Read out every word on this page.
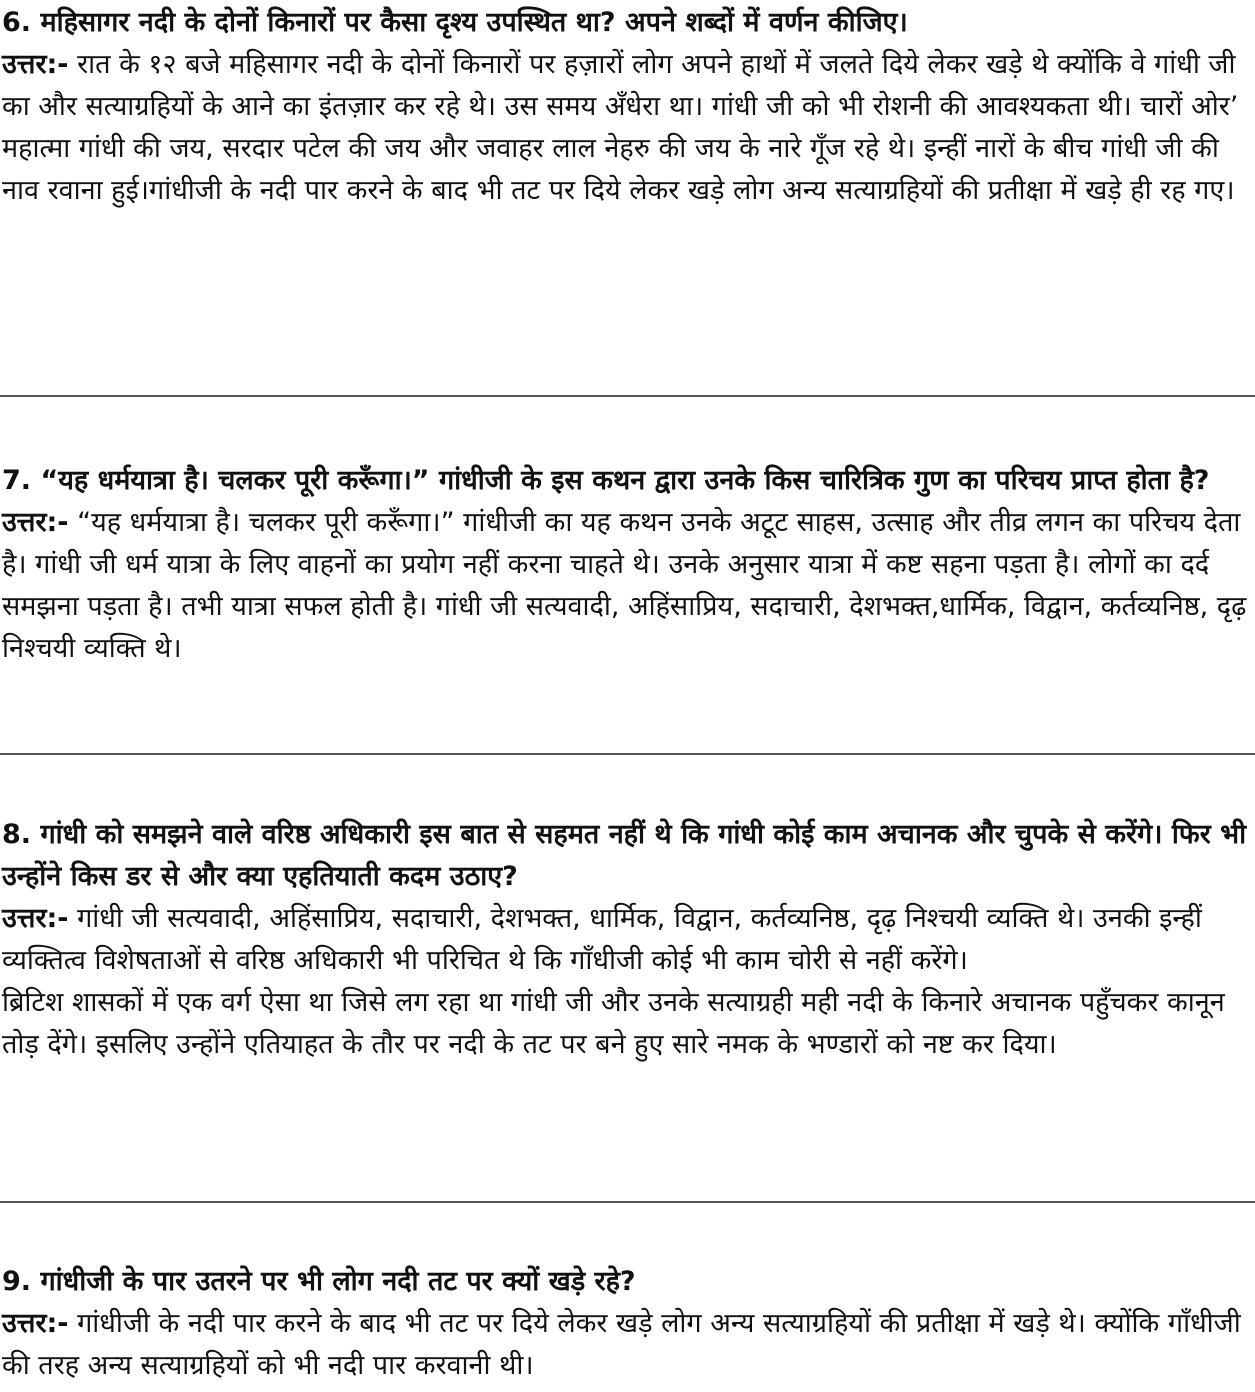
6. महिसागर नदी के दोनों किनारों पर कैसा दृश्य उपस्थित था? अपने शब्दों में वर्णन कीजिए।

उत्तर:- रात के १२ बजे महिसागर नदी के दोनों किनारों पर हज़ारों लोग अपने हाथों में जलते दिये लेकर खड़े थे क्योंकि वे गांधी जी का और सत्याग्रहियों के आने का इंतज़ार कर रहे थे। उस समय अँधेरा था। गांधी जी को भी रोशनी की आवश्यकता थी। चारों ओर’ महात्मा गांधी की जय, सरदार पटेल की जय और जवाहर लाल नेहरु की जय के नारे गूँज रहे थे। इन्हीं नारों के बीच गांधी जी की नाव रवाना हुई।गांधीजी के नदी पार करने के बाद भी तट पर दिये लेकर खड़े लोग अन्य सत्याग्रहियों की प्रतीक्षा में खड़े ही रह गए।

7. “यह धर्मयात्रा है। चलकर पूरी करूँगा।” गांधीजी के इस कथन द्वारा उनके किस चारित्रिक गुण का परिचय प्राप्त होता है?

उत्तर:- “यह धर्मयात्रा है। चलकर पूरी करूँगा।” गांधीजी का यह कथन उनके अटूट साहस, उत्साह और तीव्र लगन का परिचय देता है। गांधी जी धर्म यात्रा के लिए वाहनों का प्रयोग नहीं करना चाहते थे। उनके अनुसार यात्रा में कष्ट सहना पड़ता है। लोगों का दर्द समझना पड़ता है। तभी यात्रा सफल होती है। गांधी जी सत्यवादी, अहिंसाप्रिय, सदाचारी, देशभक्त,धार्मिक, विद्वान, कर्तव्यनिष्ठ, दृढ़ निश्चयी व्यक्ति थे।

8. गांधी को समझने वाले वरिष्ठ अधिकारी इस बात से सहमत नहीं थे कि गांधी कोई काम अचानक और चुपके से करेंगे। फिर भी उन्होंने किस डर से और क्या एहतियाती कदम उठाए?

उत्तर:- गांधी जी सत्यवादी, अहिंसाप्रिय, सदाचारी, देशभक्त, धार्मिक, विद्वान, कर्तव्यनिष्ठ, दृढ़ निश्चयी व्यक्ति थे। उनकी इन्हीं व्यक्तित्व विशेषताओं से वरिष्ठ अधिकारी भी परिचित थे कि गाँधीजी कोई भी काम चोरी से नहीं करेंगे।

ब्रिटिश शासकों में एक वर्ग ऐसा था जिसे लग रहा था गांधी जी और उनके सत्याग्रही मही नदी के किनारे अचानक पहुँचकर कानून तोड़ देंगे। इसलिए उन्होंने एतियाहत के तौर पर नदी के तट पर बने हुए सारे नमक के भण्डारों को नष्ट कर दिया।

9. गांधीजी के पार उतरने पर भी लोग नदी तट पर क्यों खड़े रहे?

उत्तर:- गांधीजी के नदी पार करने के बाद भी तट पर दिये लेकर खड़े लोग अन्य सत्याग्रहियों की प्रतीक्षा में खड़े थे। क्योंकि गाँधीजी की तरह अन्य सत्याग्रहियों को भी नदी पार करवानी थी।
